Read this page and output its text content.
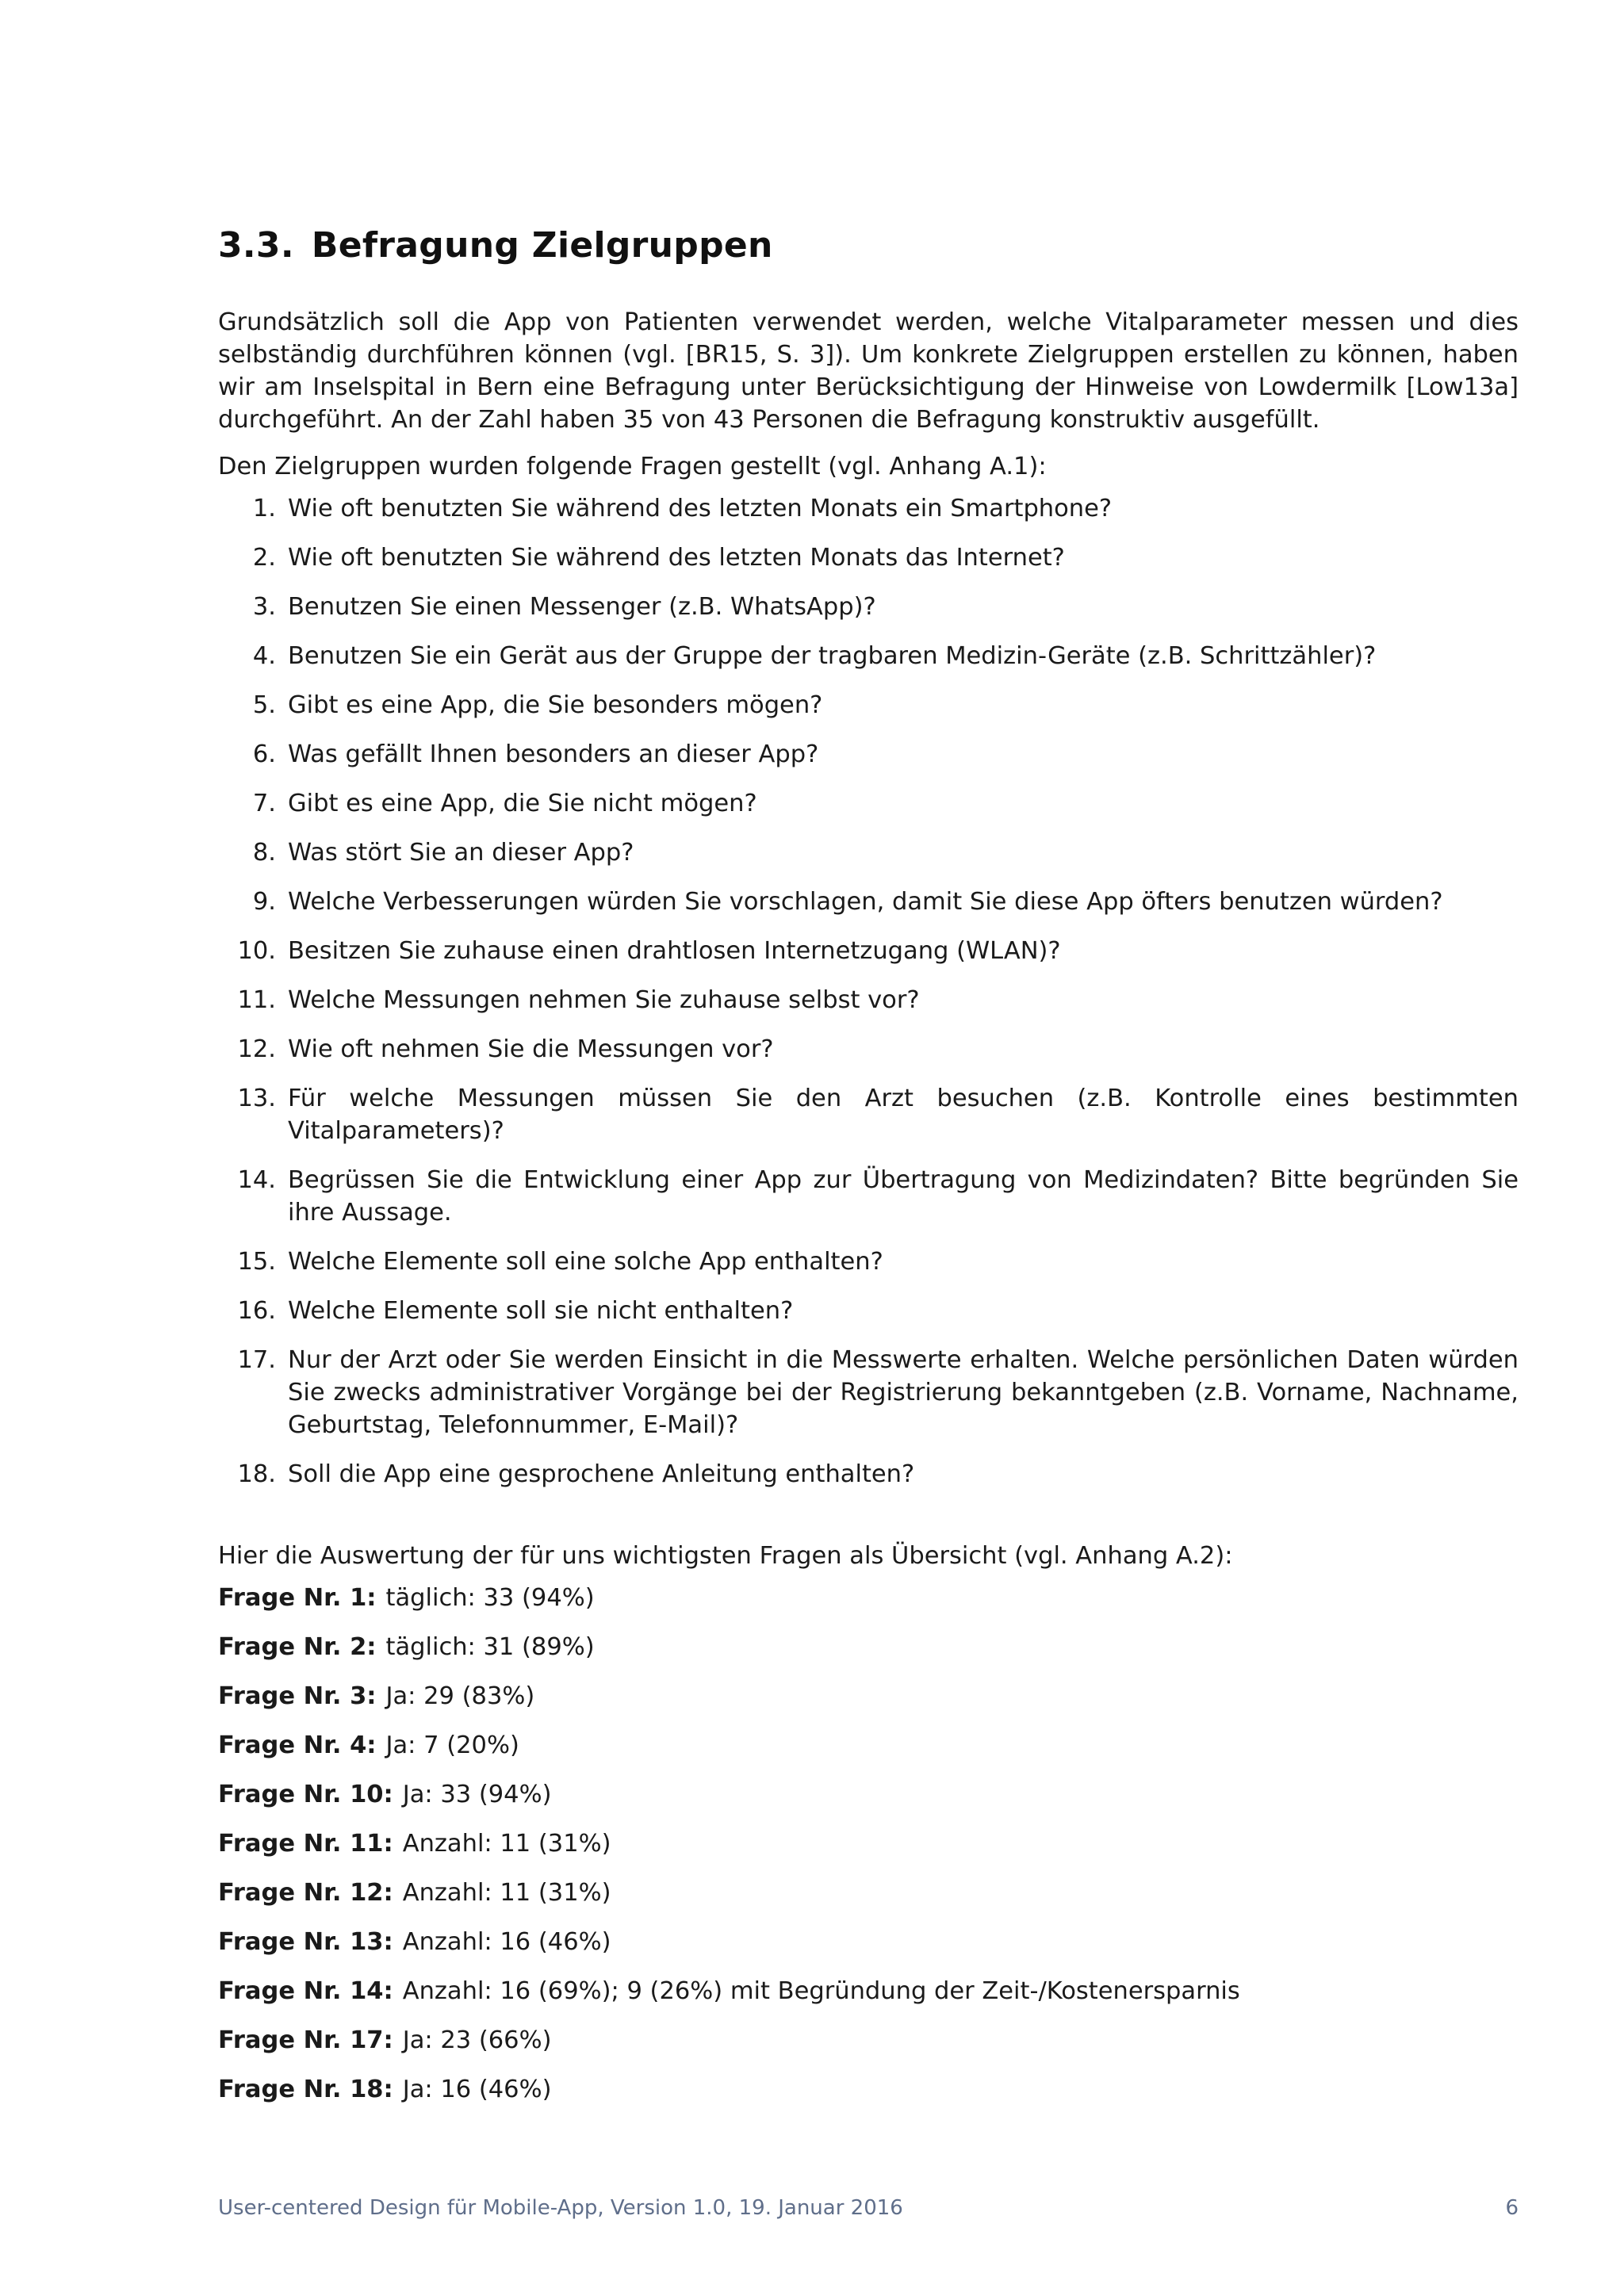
3.3. Befragung Zielgruppen

Grundsätzlich soll die App von Patienten verwendet werden, welche Vitalparameter messen und dies selbständig durchführen können (vgl. [BR15, S. 3]). Um konkrete Zielgruppen erstellen zu können, haben wir am Inselspital in Bern eine Befragung unter Berücksichtigung der Hinweise von Lowdermilk [Low13a] durchgeführt. An der Zahl haben 35 von 43 Personen die Befragung konstruktiv ausgefüllt.

Den Zielgruppen wurden folgende Fragen gestellt (vgl. Anhang A.1):

1. Wie oft benutzten Sie während des letzten Monats ein Smartphone?
2. Wie oft benutzten Sie während des letzten Monats das Internet?
3. Benutzen Sie einen Messenger (z.B. WhatsApp)?
4. Benutzen Sie ein Gerät aus der Gruppe der tragbaren Medizin-Geräte (z.B. Schrittzähler)?
5. Gibt es eine App, die Sie besonders mögen?
6. Was gefällt Ihnen besonders an dieser App?
7. Gibt es eine App, die Sie nicht mögen?
8. Was stört Sie an dieser App?
9. Welche Verbesserungen würden Sie vorschlagen, damit Sie diese App öfters benutzen würden?
10. Besitzen Sie zuhause einen drahtlosen Internetzugang (WLAN)?
11. Welche Messungen nehmen Sie zuhause selbst vor?
12. Wie oft nehmen Sie die Messungen vor?
13. Für welche Messungen müssen Sie den Arzt besuchen (z.B. Kontrolle eines bestimmten Vitalparameters)?
14. Begrüssen Sie die Entwicklung einer App zur Übertragung von Medizindaten? Bitte begründen Sie ihre Aussage.
15. Welche Elemente soll eine solche App enthalten?
16. Welche Elemente soll sie nicht enthalten?
17. Nur der Arzt oder Sie werden Einsicht in die Messwerte erhalten. Welche persönlichen Daten würden Sie zwecks administrativer Vorgänge bei der Registrierung bekanntgeben (z.B. Vorname, Nachname, Geburtstag, Telefonnummer, E-Mail)?
18. Soll die App eine gesprochene Anleitung enthalten?

Hier die Auswertung der für uns wichtigsten Fragen als Übersicht (vgl. Anhang A.2):

Frage Nr. 1: täglich: 33 (94%)
Frage Nr. 2: täglich: 31 (89%)
Frage Nr. 3: Ja: 29 (83%)
Frage Nr. 4: Ja: 7 (20%)
Frage Nr. 10: Ja: 33 (94%)
Frage Nr. 11: Anzahl: 11 (31%)
Frage Nr. 12: Anzahl: 11 (31%)
Frage Nr. 13: Anzahl: 16 (46%)
Frage Nr. 14: Anzahl: 16 (69%); 9 (26%) mit Begründung der Zeit-/Kostenersparnis
Frage Nr. 17: Ja: 23 (66%)
Frage Nr. 18: Ja: 16 (46%)
User-centered Design für Mobile-App, Version 1.0, 19. Januar 2016	6
